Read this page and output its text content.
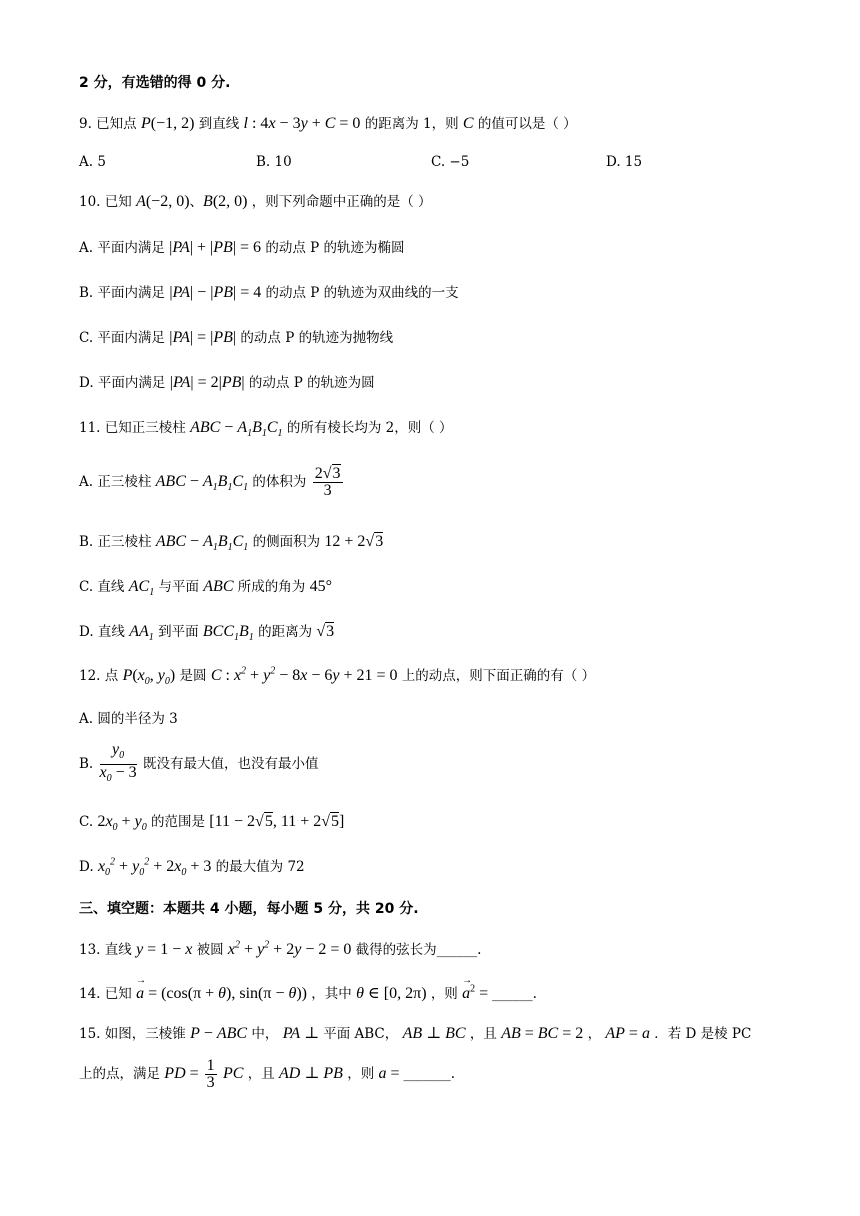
2 分，有选错的得 0 分.
9. 已知点 P(−1, 2) 到直线 l : 4x − 3y + C = 0 的距离为 1，则 C 的值可以是（ ）
A. 5	B. 10	C. −5	D. 15
10. 已知 A(−2, 0)、B(2, 0) ，则下列命题中正确的是（ ）
A. 平面内满足 |PA| + |PB| = 6 的动点 P 的轨迹为椭圆
B. 平面内满足 |PA| − |PB| = 4 的动点 P 的轨迹为双曲线的一支
C. 平面内满足 |PA| = |PB| 的动点 P 的轨迹为抛物线
D. 平面内满足 |PA| = 2|PB| 的动点 P 的轨迹为圆
11. 已知正三棱柱 ABC − $A_1B_1C_1$ 的所有棱长均为 2，则（ ）
A. 正三棱柱 ABC − $A_1B_1C_1$ 的体积为 $\frac{2√3}{3}$
B. 正三棱柱 ABC − $A_1B_1C_1$ 的侧面积为 12 + 2√3
C. 直线 $AC_1$ 与平面 ABC 所成的角为 45°
D. 直线 $AA_1$ 到平面 $BCC_1B_1$ 的距离为 √3
12. 点 $P(x_0$, $y_0$) 是圆 C : $x^2 + y^2 - 8x - 6y + 21 = 0$ 上的动点，则下面正确的有（ ）
A. 圆的半径为 3
B. $\frac{y_0}{x_0 - 3}$ 既没有最大值，也没有最小值
C. $2x_0 + y_0$ 的范围是 [11 − 2√5, 11 + 2√5]
D. $x_0^2 + y_0^2 + 2x_0 + 3$ 的最大值为 72
三、填空题：本题共 4 小题，每小题 5 分，共 20 分.
13. 直线 y = 1 − x 被圆 $x^2 + y^2 + 2y - 2 = 0$ 截得的弦长为______.
14. 已知 a
→
= (cos(π + θ), sin(π − θ)) ，其中 θ ∈ [0, 2π) ，则 a
→
$^2$ = ______.
15. 如图，三棱锥 P − ABC 中， PA ⊥ 平面 ABC， AB ⊥ BC ，且 AB = BC = 2 ， AP = a ．若 D 是棱 PC
上的点，满足 PD = $\frac{1}{3}$ PC ，且 AD ⊥ PB ，则 a = _______.
